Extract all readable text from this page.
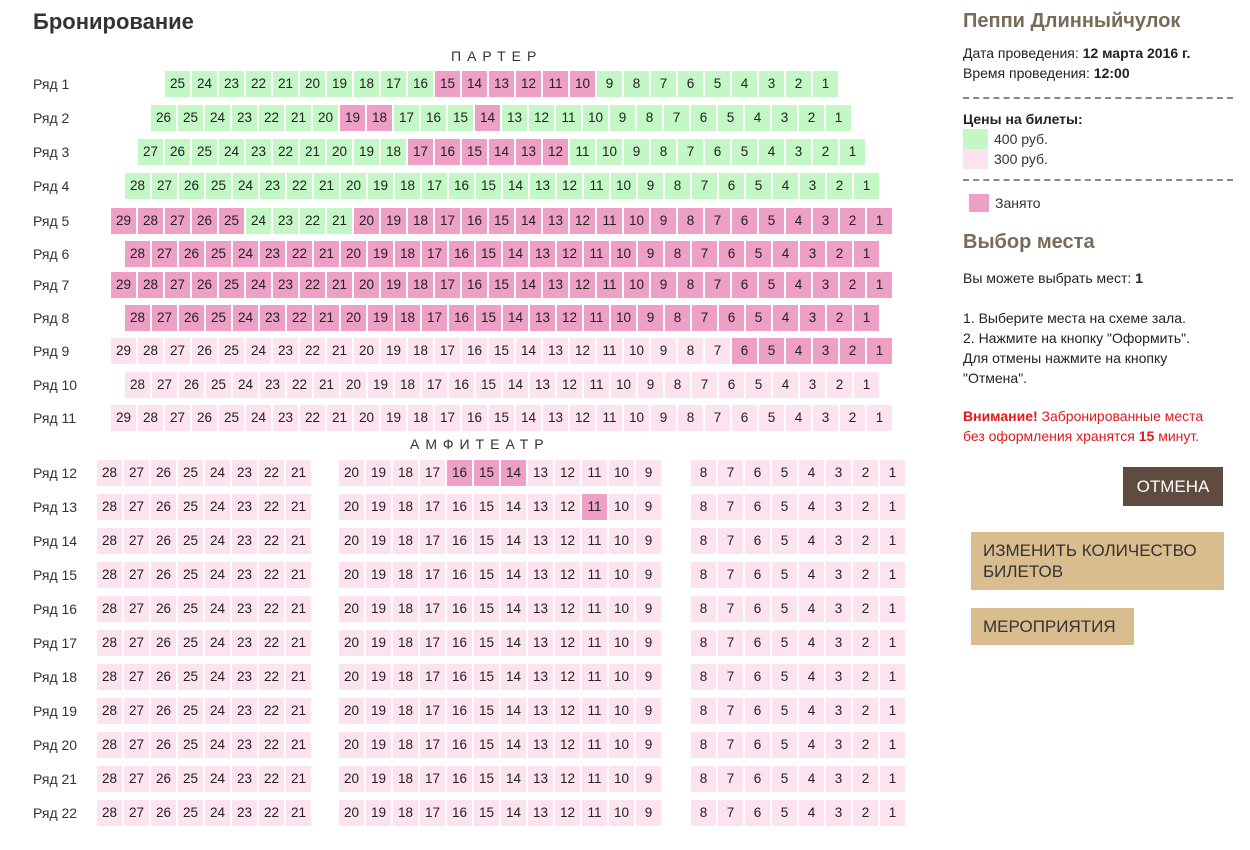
Бронирование
ПАРТЕР
АМФИТЕАТР
Ряд 1	25 24 23 22 21 20 19 18 17 16 15 14 13 12 11 10	9	8	7	6	5	4	3	2	1
Ряд 2	26 25 24 23 22 21 20 19 18 17 16 15 14 13 12 11 10	9	8	7	6	5	4	3	2	1
Ряд 3	27 26 25 24 23 22 21 20 19 18 17 16 15 14 13 12 11 10	9	8	7	6	5	4	3	2	1
Ряд 4	28 27 26 25 24 23 22 21 20 19 18 17 16 15 14 13 12 11 10	9	8	7	6	5	4	3	2	1
Ряд 5	29 28 27 26 25 24 23 22 21 20 19 18 17 16 15 14 13 12 11 10	9	8	7	6	5	4	3	2	1
Ряд 6	28 27 26 25 24 23 22 21 20 19 18 17 16 15 14 13 12 11 10	9	8	7	6	5	4	3	2	1
Ряд 7	29 28 27 26 25 24 23 22 21 20 19 18 17 16 15 14 13 12 11 10	9	8	7	6	5	4	3	2	1
Ряд 8	28 27 26 25 24 23 22 21 20 19 18 17 16 15 14 13 12 11 10	9	8	7	6	5	4	3	2	1
Ряд 9	29 28 27 26 25 24 23 22 21 20 19 18 17 16 15 14 13 12 11 10	9	8	7	6	5	4	3	2	1
Ряд 10	28 27 26 25 24 23 22 21 20 19 18 17 16 15 14 13 12 11 10	9	8	7	6	5	4	3	2	1
Ряд 11	29 28 27 26 25 24 23 22 21 20 19 18 17 16 15 14 13 12 11 10	9	8	7	6	5	4	3	2	1
Ряд 12	28 27 26 25 24 23 22 21	20 19 18 17 16 15 14 13 12 11 10	9	8	7	6	5	4	3	2	1
Ряд 13	28 27 26 25 24 23 22 21	20 19 18 17 16 15 14 13 12 11 10	9	8	7	6	5	4	3	2	1
Ряд 14	28 27 26 25 24 23 22 21	20 19 18 17 16 15 14 13 12 11 10	9	8	7	6	5	4	3	2	1
Ряд 15	28 27 26 25 24 23 22 21	20 19 18 17 16 15 14 13 12 11 10	9	8	7	6	5	4	3	2	1
Ряд 16	28 27 26 25 24 23 22 21	20 19 18 17 16 15 14 13 12 11 10	9	8	7	6	5	4	3	2	1
Ряд 17	28 27 26 25 24 23 22 21	20 19 18 17 16 15 14 13 12 11 10	9	8	7	6	5	4	3	2	1
Ряд 18	28 27 26 25 24 23 22 21	20 19 18 17 16 15 14 13 12 11 10	9	8	7	6	5	4	3	2	1
Ряд 19	28 27 26 25 24 23 22 21	20 19 18 17 16 15 14 13 12 11 10	9	8	7	6	5	4	3	2	1
Ряд 20	28 27 26 25 24 23 22 21	20 19 18 17 16 15 14 13 12 11 10	9	8	7	6	5	4	3	2	1
Ряд 21	28 27 26 25 24 23 22 21	20 19 18 17 16 15 14 13 12 11 10	9	8	7	6	5	4	3	2	1
Ряд 22	28 27 26 25 24 23 22 21	20 19 18 17 16 15 14 13 12 11 10	9	8	7	6	5	4	3	2	1
Пеппи Длинныйчулок
Дата проведения: 12 марта 2016 г.
Время проведения: 12:00
Цены на билеты:
400 руб.
300 руб.
Занято
Выбор места
Вы можете выбрать мест: 1
1. Выберите места на схеме зала.
2. Нажмите на кнопку "Оформить".
Для отмены нажмите на кнопку "Отмена".
Внимание! Забронированные места без оформления хранятся 15 минут.
ОТМЕНА
ИЗМЕНИТЬ КОЛИЧЕСТВО БИЛЕТОВ
МЕРОПРИЯТИЯ
